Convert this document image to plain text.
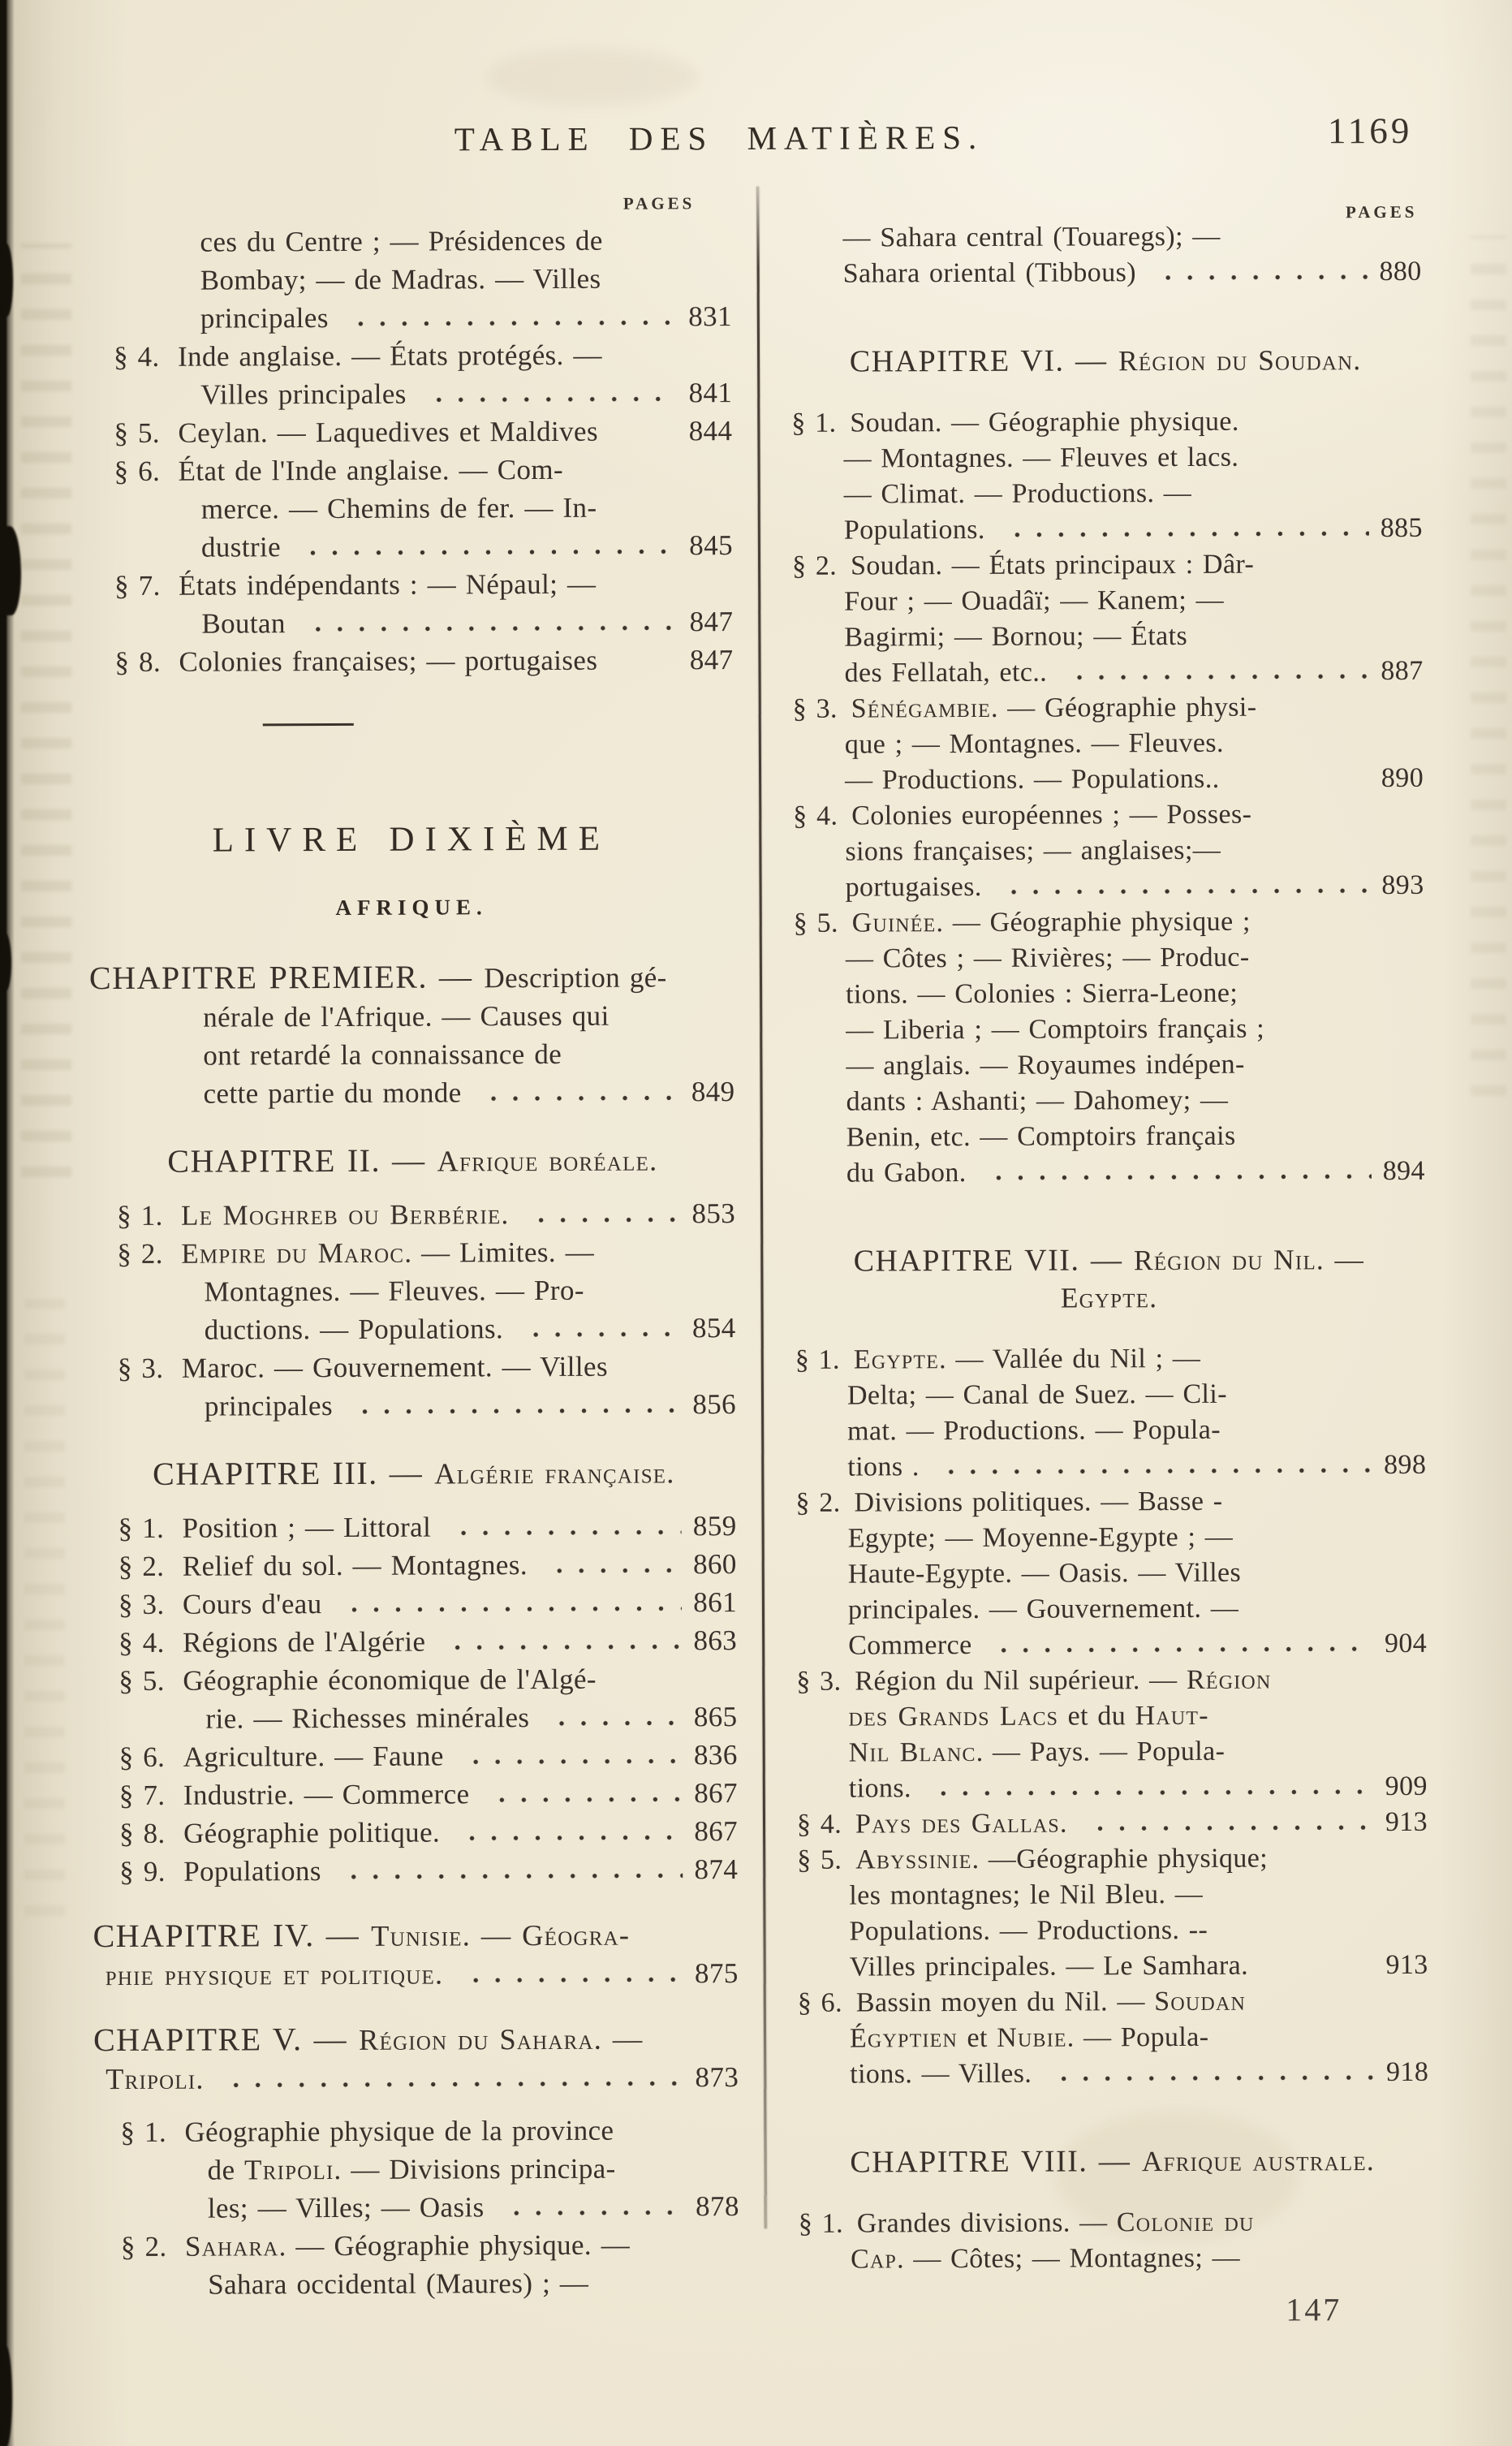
TABLE DES MATIÈRES.	1169
PAGES	PAGES
ces du Centre ; — Présidences de
Bombay; — de Madras. — Villes
principales	831
§ 4. Inde anglaise. — États protégés. —
Villes principales	841
§ 5. Ceylan. — Laquedives et Maldives	844
§ 6. État de l'Inde anglaise. — Com-
merce. — Chemins de fer. — In-
dustrie	845
§ 7. États indépendants : — Népaul; —
Boutan	847
§ 8. Colonies françaises; — portugaises	847
LIVRE DIXIÈME
AFRIQUE.
CHAPITRE PREMIER. — Description gé-
nérale de l'Afrique. — Causes qui
ont retardé la connaissance de
cette partie du monde	849
CHAPITRE II. — Afrique boréale.
§ 1. Le Moghreb ou Berbérie.	853
§ 2. Empire du Maroc. — Limites. —
Montagnes. — Fleuves. — Pro-
ductions. — Populations.	854
§ 3. Maroc. — Gouvernement. — Villes
principales	856
CHAPITRE III. — Algérie française.
§ 1. Position ; — Littoral	859
§ 2. Relief du sol. — Montagnes.	860
§ 3. Cours d'eau	861
§ 4. Régions de l'Algérie	863
§ 5. Géographie économique de l'Algé-
rie. — Richesses minérales	865
§ 6. Agriculture. — Faune	836
§ 7. Industrie. — Commerce	867
§ 8. Géographie politique.	867
§ 9. Populations	874
CHAPITRE IV. — Tunisie. — Géogra-
phie physique et politique.	875
CHAPITRE V. — Région du Sahara. —
Tripoli.	873
§ 1. Géographie physique de la province
de Tripoli. — Divisions principa-
les; — Villes; — Oasis	878
§ 2. Sahara. — Géographie physique. —
Sahara occidental (Maures) ; —
— Sahara central (Touaregs); —
Sahara oriental (Tibbous)	880
CHAPITRE VI. — Région du Soudan.
§ 1. Soudan. — Géographie physique.
— Montagnes. — Fleuves et lacs.
— Climat. — Productions. —
Populations.	885
§ 2. Soudan. — États principaux : Dâr-
Four ; — Ouadâï; — Kanem; —
Bagirmi; — Bornou; — États
des Fellatah, etc..	887
§ 3. Sénégambie. — Géographie physi-
que ; — Montagnes. — Fleuves.
— Productions. — Populations..	890
§ 4. Colonies européennes ; — Posses-
sions françaises; — anglaises;—
portugaises.	893
§ 5. Guinée. — Géographie physique ;
— Côtes ; — Rivières; — Produc-
tions. — Colonies : Sierra-Leone;
— Liberia ; — Comptoirs français ;
— anglais. — Royaumes indépen-
dants : Ashanti; — Dahomey; —
Benin, etc. — Comptoirs français
du Gabon.	894
CHAPITRE VII. — Région du Nil. —
Egypte.
§ 1. Egypte. — Vallée du Nil ; —
Delta; — Canal de Suez. — Cli-
mat. — Productions. — Popula-
tions .	898
§ 2. Divisions politiques. — Basse -
Egypte; — Moyenne-Egypte ; —
Haute-Egypte. — Oasis. — Villes
principales. — Gouvernement. —
Commerce	904
§ 3. Région du Nil supérieur. — Région
des Grands Lacs et du Haut-
Nil Blanc. — Pays. — Popula-
tions.	909
§ 4. Pays des Gallas.	913
§ 5. Abyssinie. —Géographie physique;
les montagnes; le Nil Bleu. —
Populations. — Productions. --
Villes principales. — Le Samhara.	913
§ 6. Bassin moyen du Nil. — Soudan
Égyptien et Nubie. — Popula-
tions. — Villes.	918
CHAPITRE VIII. — Afrique australe.
§ 1. Grandes divisions. — Colonie du
Cap. — Côtes; — Montagnes; —
147
